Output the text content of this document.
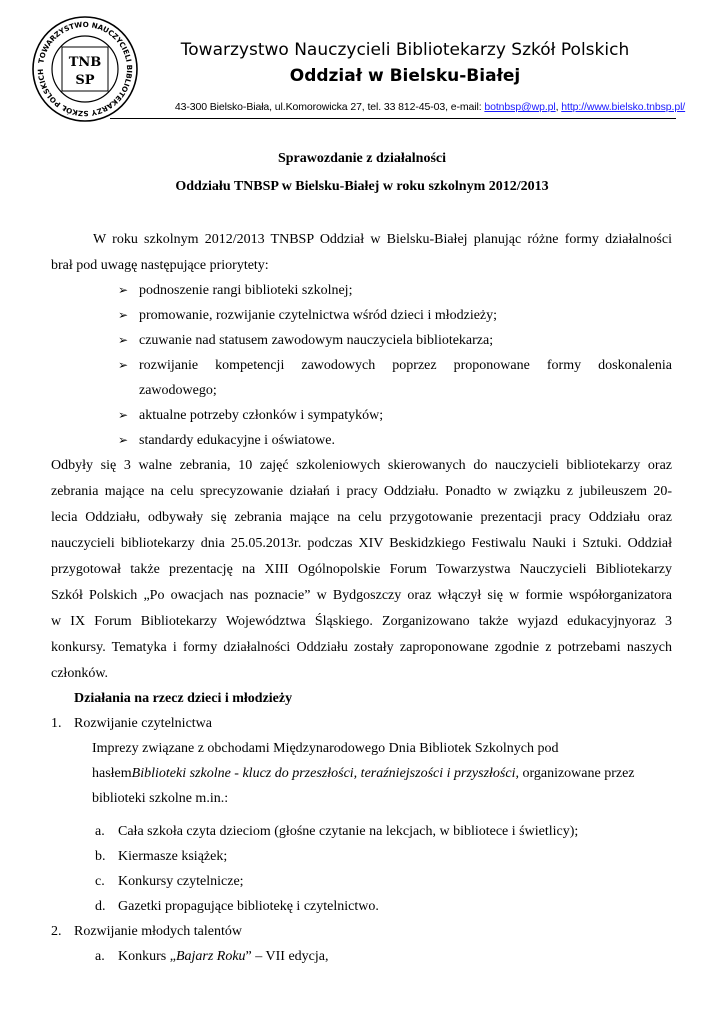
TOWARZYSTWO NAUCZYCIELI BIBLIOTEKARZY SZKÓŁ POLSKICH
TNB
SP
Towarzystwo Nauczycieli Bibliotekarzy Szkół Polskich
Oddział w Bielsku-Białej
43-300 Bielsko-Biała, ul.Komorowicka 27, tel. 33 812-45-03, e-mail: botnbsp@wp.pl, http://www.bielsko.tnbsp.pl/
Sprawozdanie z działalności
Oddziału TNBSP w Bielsku-Białej w roku szkolnym 2012/2013
W roku szkolnym 2012/2013 TNBSP Oddział w Bielsku-Białej planując różne formy działalności
brał pod uwagę następujące priorytety:
➢ podnoszenie rangi biblioteki szkolnej;
➢ promowanie, rozwijanie czytelnictwa wśród dzieci i młodzieży;
➢ czuwanie nad statusem zawodowym nauczyciela bibliotekarza;
➢ rozwijanie kompetencji zawodowych poprzez proponowane formy doskonalenia
zawodowego;
➢ aktualne potrzeby członków i sympatyków;
➢ standardy edukacyjne i oświatowe.
Odbyły się 3 walne zebrania, 10 zajęć szkoleniowych skierowanych do nauczycieli bibliotekarzy oraz
zebrania mające na celu sprecyzowanie działań i pracy Oddziału. Ponadto w związku z jubileuszem 20-
lecia Oddziału, odbywały się zebrania mające na celu przygotowanie prezentacji pracy Oddziału oraz
nauczycieli bibliotekarzy dnia 25.05.2013r. podczas XIV Beskidzkiego Festiwalu Nauki i Sztuki. Oddział
przygotował także prezentację na XIII Ogólnopolskie Forum Towarzystwa Nauczycieli Bibliotekarzy
Szkół Polskich „Po owacjach nas poznacie” w Bydgoszczy oraz włączył się w formie współorganizatora
w IX Forum Bibliotekarzy Województwa Śląskiego. Zorganizowano także wyjazd edukacyjnyoraz 3
konkursy. Tematyka i formy działalności Oddziału zostały zaproponowane zgodnie z potrzebami naszych
członków.
Działania na rzecz dzieci i młodzieży
1. Rozwijanie czytelnictwa
Imprezy związane z obchodami Międzynarodowego Dnia Bibliotek Szkolnych pod
hasłemBiblioteki szkolne - klucz do przeszłości, teraźniejszości i przyszłości, organizowane przez
biblioteki szkolne m.in.:
a. Cała szkoła czyta dzieciom (głośne czytanie na lekcjach, w bibliotece i świetlicy);
b. Kiermasze książek;
c. Konkursy czytelnicze;
d. Gazetki propagujące bibliotekę i czytelnictwo.
2. Rozwijanie młodych talentów
a. Konkurs „Bajarz Roku” – VII edycja,
